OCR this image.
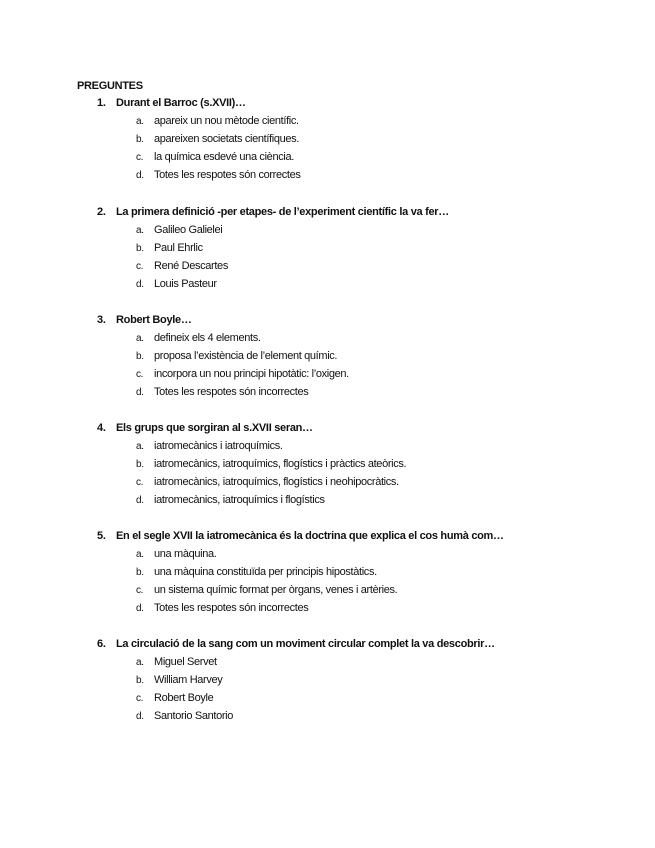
PREGUNTES
1. Durant el Barroc (s.XVII)…
a. apareix un nou mètode científic.
b. apareixen societats científiques.
c. la química esdevé una ciència.
d. Totes les respotes són correctes
2. La primera definició -per etapes- de l’experiment científic la va fer…
a. Galileo Galielei
b. Paul Ehrlic
c. René Descartes
d. Louis Pasteur
3. Robert Boyle…
a. defineix els 4 elements.
b. proposa l’existència de l’element químic.
c. incorpora un nou principi hipotàtic: l’oxigen.
d. Totes les respotes són incorrectes
4. Els grups que sorgiran al s.XVII seran…
a. iatromecànics i iatroquímics.
b. iatromecànics, iatroquímics, flogístics i pràctics ateòrics.
c. iatromecànics, iatroquímics, flogístics i neohipocràtics.
d. iatromecànics, iatroquímics i flogístics
5. En el segle XVII la iatromecànica és la doctrina que explica el cos humà com…
a. una màquina.
b. una màquina constituïda per principis hipostàtics.
c. un sistema químic format per òrgans, venes i artèries.
d. Totes les respotes són incorrectes
6. La circulació de la sang com un moviment circular complet la va descobrir…
a. Miguel Servet
b. William Harvey
c. Robert Boyle
d. Santorio Santorio
